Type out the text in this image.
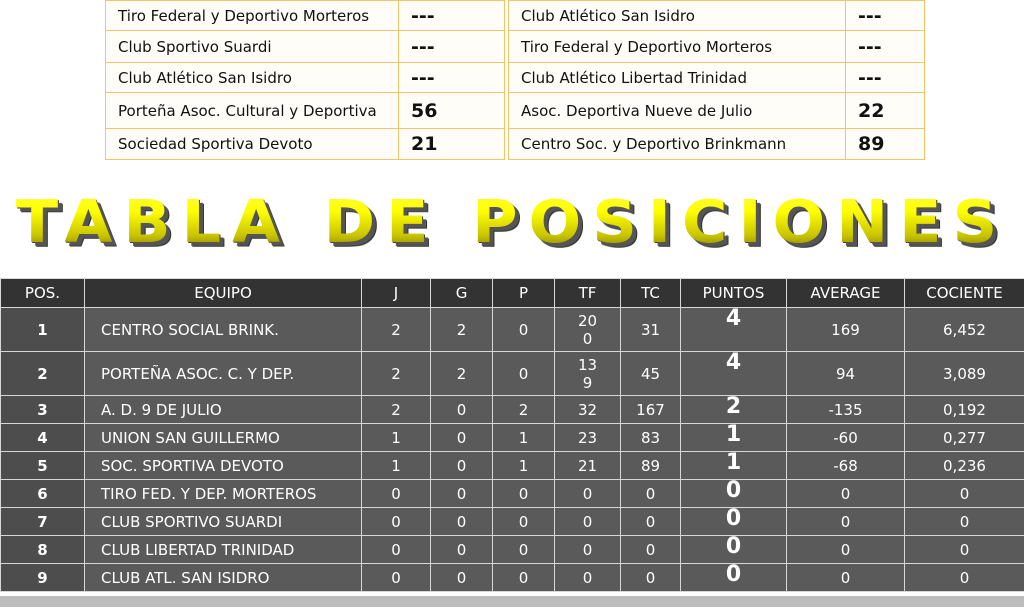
Tiro Federal y Deportivo Morteros	---		Club Atlético San Isidro	---
Club Sportivo Suardi	---		Tiro Federal y Deportivo Morteros	---
Club Atlético San Isidro	---		Club Atlético Libertad Trinidad	---
Porteña Asoc. Cultural y Deportiva	56		Asoc. Deportiva Nueve de Julio	22
Sociedad Sportiva Devoto	21		Centro Soc. y Deportivo Brinkmann	89
TABLA DE POSICIONES
POS.	EQUIPO	J	G	P	TF	TC	PUNTOS	AVERAGE	COCIENTE
1	CENTRO SOCIAL BRINK.	2	2	0	200	31	4	169	6,452
2	PORTEÑA ASOC. C. Y DEP.	2	2	0	139	45	4	94	3,089
3	A. D. 9 DE JULIO	2	0	2	32	167	2	-135	0,192
4	UNION SAN GUILLERMO	1	0	1	23	83	1	-60	0,277
5	SOC. SPORTIVA DEVOTO	1	0	1	21	89	1	-68	0,236
6	TIRO FED. Y DEP. MORTEROS	0	0	0	0	0	0	0	0
7	CLUB SPORTIVO SUARDI	0	0	0	0	0	0	0	0
8	CLUB LIBERTAD TRINIDAD	0	0	0	0	0	0	0	0
9	CLUB ATL. SAN ISIDRO	0	0	0	0	0	0	0	0
